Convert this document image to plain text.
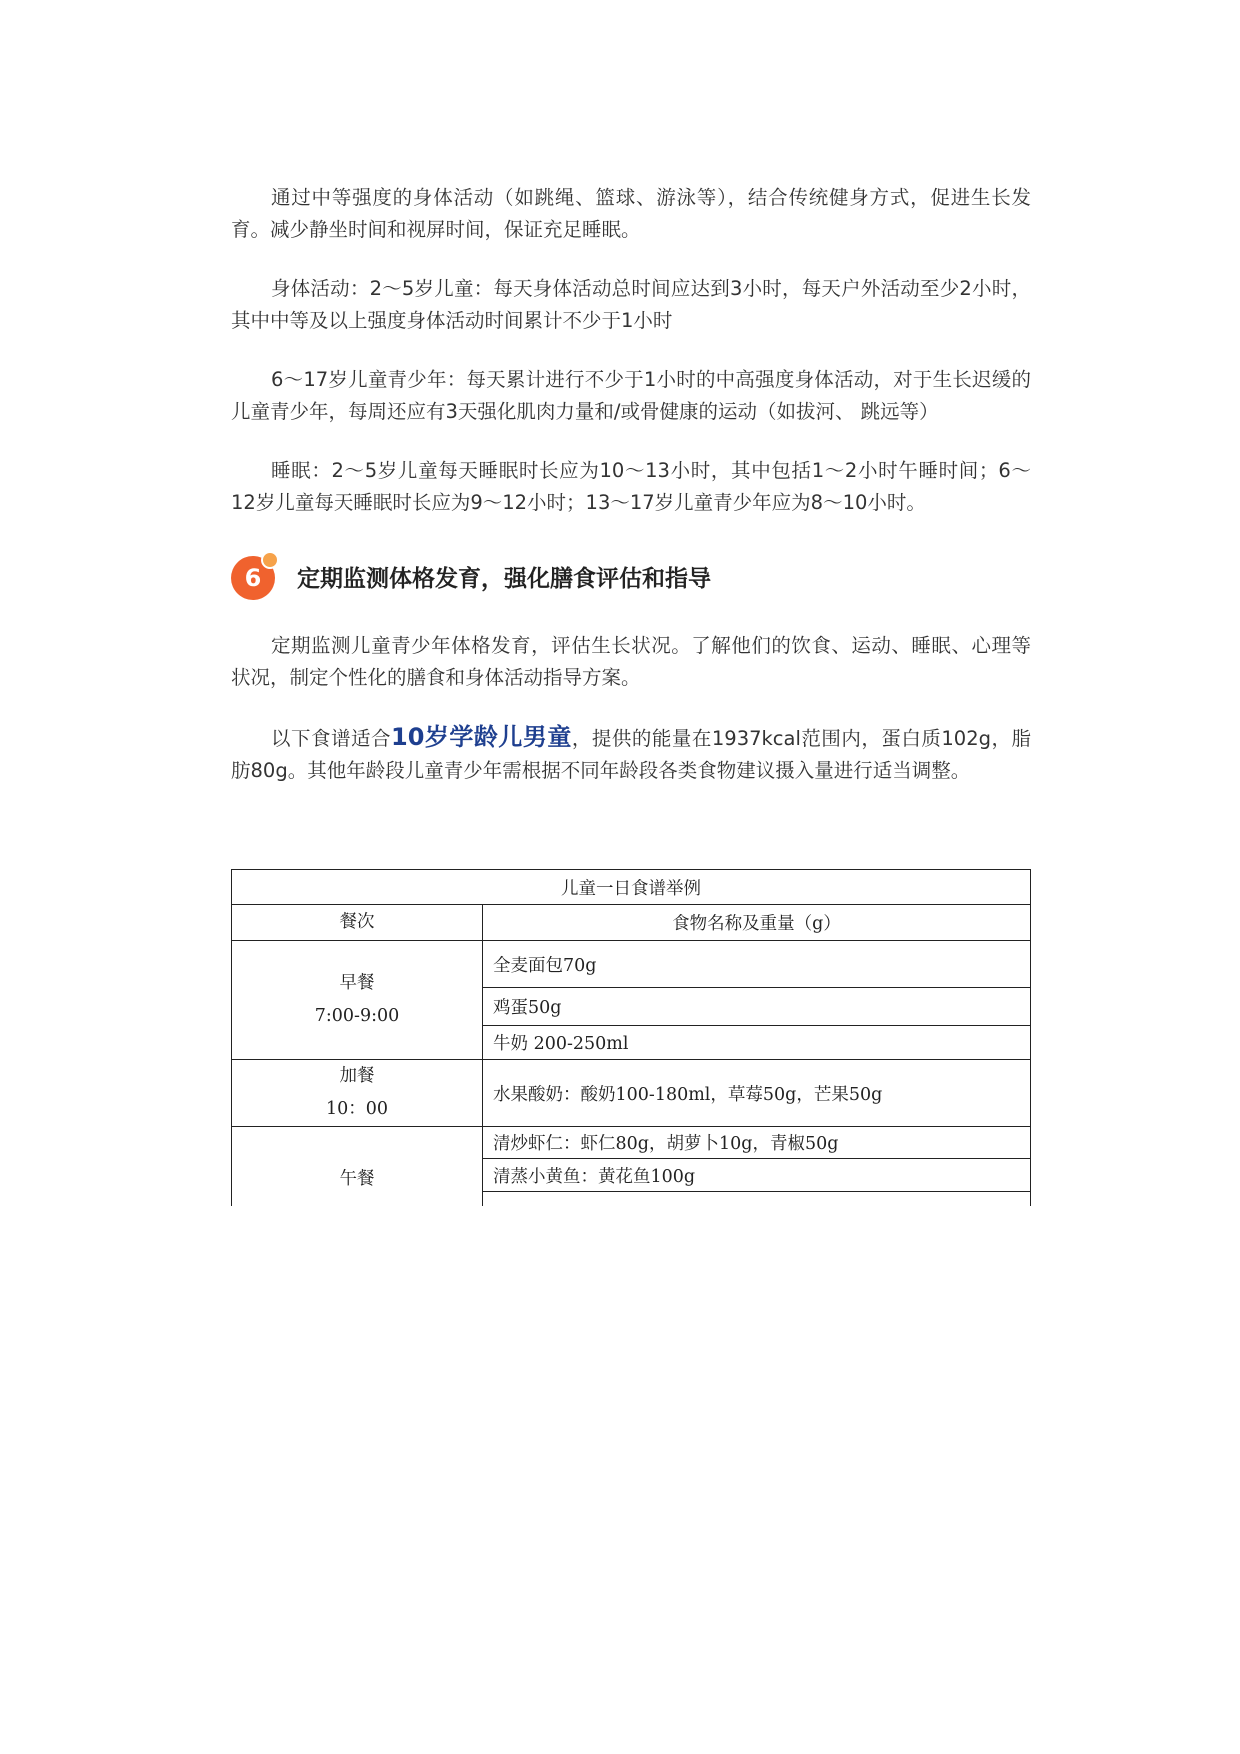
通过中等强度的身体活动（如跳绳、篮球、游泳等），结合传统健身方式，促进生长发育。减少静坐时间和视屏时间，保证充足睡眠。

身体活动：2～5岁儿童：每天身体活动总时间应达到3小时，每天户外活动至少2小时，其中中等及以上强度身体活动时间累计不少于1小时

6～17岁儿童青少年：每天累计进行不少于1小时的中高强度身体活动，对于生长迟缓的儿童青少年，每周还应有3天强化肌肉力量和/或骨健康的运动（如拔河、 跳远等）

睡眠：2～5岁儿童每天睡眠时长应为10～13小时，其中包括1～2小时午睡时间；6～12岁儿童每天睡眠时长应为9～12小时；13～17岁儿童青少年应为8～10小时。

6	定期监测体格发育，强化膳食评估和指导

定期监测儿童青少年体格发育，评估生长状况。了解他们的饮食、运动、睡眠、心理等状况，制定个性化的膳食和身体活动指导方案。

以下食谱适合10岁学龄儿男童，提供的能量在1937kcal范围内，蛋白质102g，脂肪80g。其他年龄段儿童青少年需根据不同年龄段各类食物建议摄入量进行适当调整。

儿童一日食谱举例	
餐次	食物名称及重量（g）

早餐
7:00-9:00	全麦面包70g
	鸡蛋50g
	牛奶 200-250ml

加餐
10：00	水果酸奶：酸奶100-180ml，草莓50g，芒果50g

午餐	清炒虾仁：虾仁80g，胡萝卜10g，青椒50g
	清蒸小黄鱼：黄花鱼100g
